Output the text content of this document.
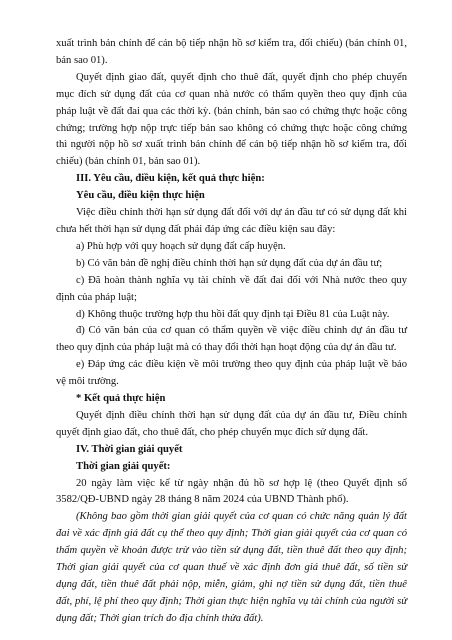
xuất trình bản chính để cán bộ tiếp nhận hồ sơ kiểm tra, đối chiếu) (bản chính 01, bản sao 01).

Quyết định giao đất, quyết định cho thuê đất, quyết định cho phép chuyển mục đích sử dụng đất của cơ quan nhà nước có thẩm quyền theo quy định của pháp luật về đất đai qua các thời kỳ. (bản chính, bản sao có chứng thực hoặc công chứng; trường hợp nộp trực tiếp bản sao không có chứng thực hoặc công chứng thì người nộp hồ sơ xuất trình bản chính để cán bộ tiếp nhận hồ sơ kiểm tra, đối chiếu) (bản chính 01, bản sao 01).

III. Yêu cầu, điều kiện, kết quả thực hiện:

Yêu cầu, điều kiện thực hiện

Việc điều chỉnh thời hạn sử dụng đất đối với dự án đầu tư có sử dụng đất khi chưa hết thời hạn sử dụng đất phải đáp ứng các điều kiện sau đây:

a) Phù hợp với quy hoạch sử dụng đất cấp huyện.

b) Có văn bản đề nghị điều chỉnh thời hạn sử dụng đất của dự án đầu tư;

c) Đã hoàn thành nghĩa vụ tài chính về đất đai đối với Nhà nước theo quy định của pháp luật;

d) Không thuộc trường hợp thu hồi đất quy định tại Điều 81 của Luật này.

đ) Có văn bản của cơ quan có thẩm quyền về việc điều chỉnh dự án đầu tư theo quy định của pháp luật mà có thay đổi thời hạn hoạt động của dự án đầu tư.

e) Đáp ứng các điều kiện về môi trường theo quy định của pháp luật về bảo vệ môi trường.

* Kết quả thực hiện

Quyết định điều chỉnh thời hạn sử dụng đất của dự án đầu tư, Điều chỉnh quyết định giao đất, cho thuê đất, cho phép chuyển mục đích sử dụng đất.

IV. Thời gian giải quyết

Thời gian giải quyết:

20 ngày làm việc kể từ ngày nhận đủ hồ sơ hợp lệ (theo Quyết định số 3582/QĐ-UBND ngày 28 tháng 8 năm 2024 của UBND Thành phố).

(Không bao gồm thời gian giải quyết của cơ quan có chức năng quản lý đất đai về xác định giá đất cụ thể theo quy định; Thời gian giải quyết của cơ quan có thẩm quyền về khoản được trừ vào tiền sử dụng đất, tiền thuê đất theo quy định; Thời gian giải quyết của cơ quan thuế về xác định đơn giá thuê đất, số tiền sử dụng đất, tiền thuê đất phải nộp, miễn, giảm, ghi nợ tiền sử dụng đất, tiền thuê đất, phí, lệ phí theo quy định; Thời gian thực hiện nghĩa vụ tài chính của người sử dụng đất; Thời gian trích đo địa chính thửa đất).
